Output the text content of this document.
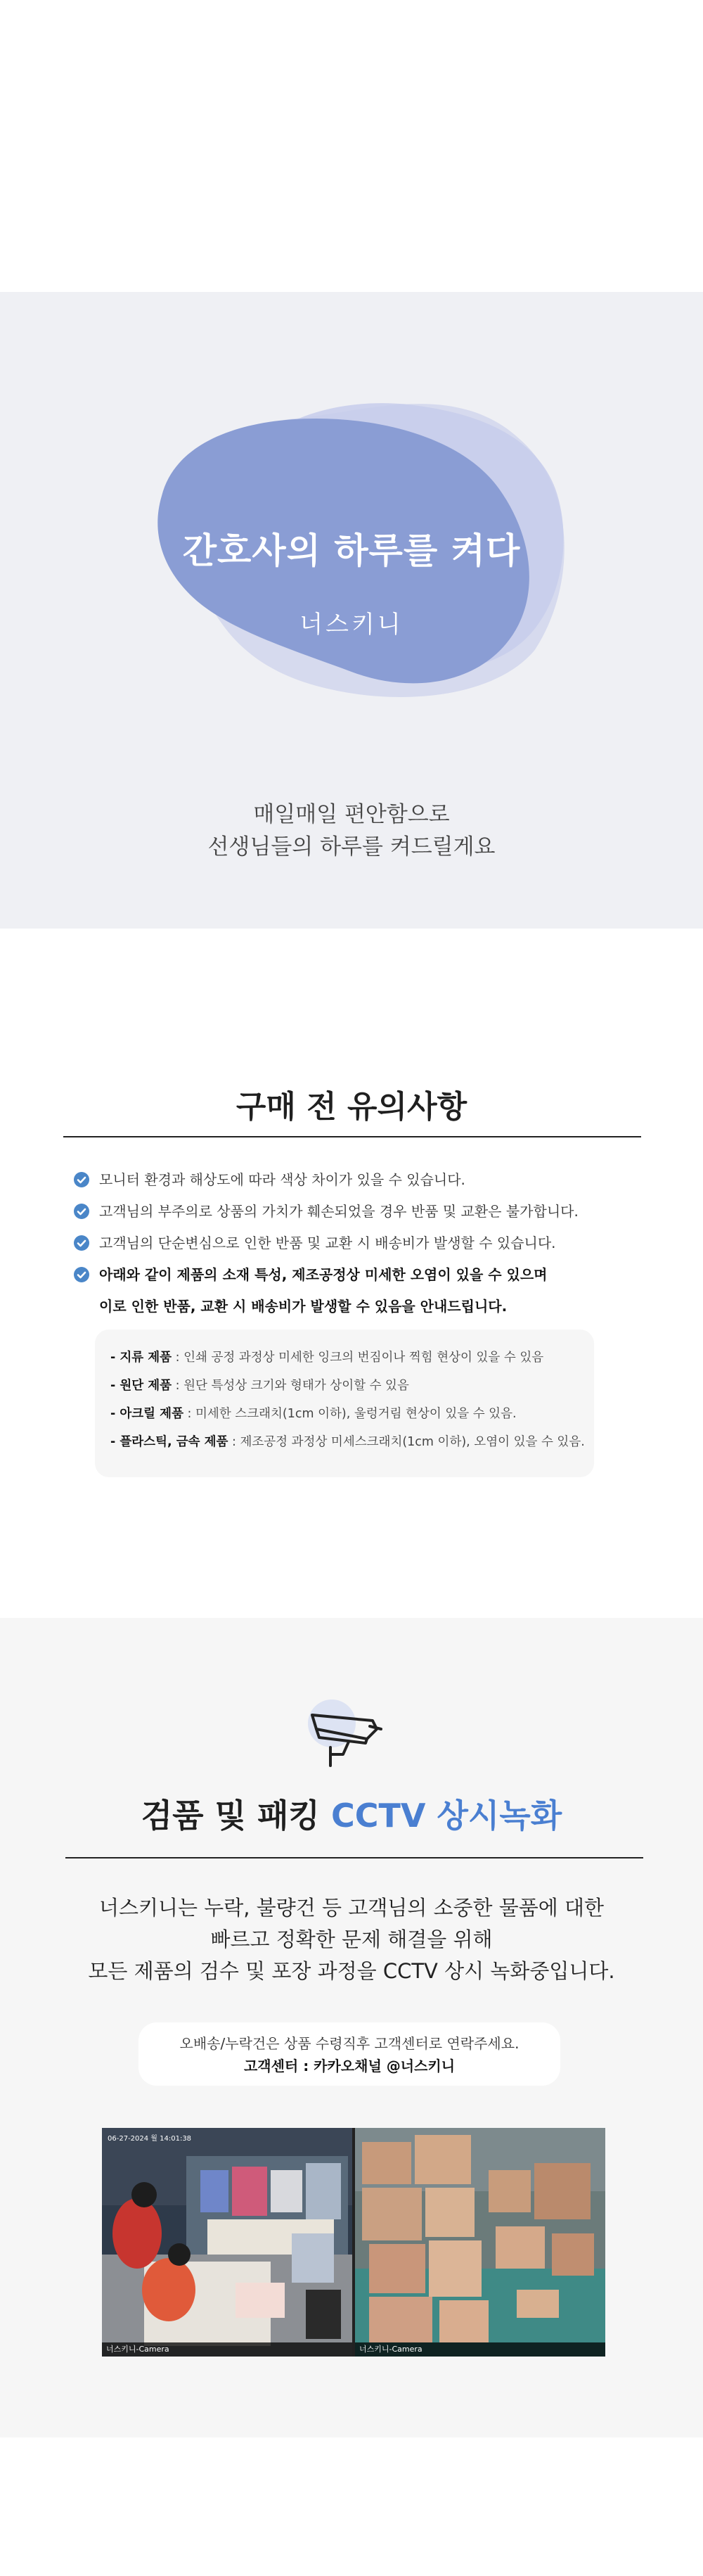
간호사의 하루를 켜다
너스키니
매일매일 편안함으로
선생님들의 하루를 켜드릴게요
구매 전 유의사항
모니터 환경과 해상도에 따라 색상 차이가 있을 수 있습니다.
고객님의 부주의로 상품의 가치가 훼손되었을 경우 반품 및 교환은 불가합니다.
고객님의 단순변심으로 인한 반품 및 교환 시 배송비가 발생할 수 있습니다.
아래와 같이 제품의 소재 특성, 제조공정상 미세한 오염이 있을 수 있으며
이로 인한 반품, 교환 시 배송비가 발생할 수 있음을 안내드립니다.

- 지류 제품 : 인쇄 공정 과정상 미세한 잉크의 번짐이나 찍힘 현상이 있을 수 있음

- 원단 제품 : 원단 특성상 크기와 형태가 상이할 수 있음

- 아크릴 제품 : 미세한 스크래치(1cm 이하), 울렁거림 현상이 있을 수 있음.

- 플라스틱, 금속 제품 : 제조공정 과정상 미세스크래치(1cm 이하), 오염이 있을 수 있음.

검품 및 패킹 CCTV 상시녹화
너스키니는 누락, 불량건 등 고객님의 소중한 물품에 대한
빠르고 정확한 문제 해결을 위해
모든 제품의 검수 및 포장 과정을 CCTV 상시 녹화중입니다.
오배송/누락건은 상품 수령직후 고객센터로 연락주세요.
고객센터 : 카카오채널 @너스키니
06-27-2024 월 14:01:38
너스키니-Camera	너스키니-Camera
